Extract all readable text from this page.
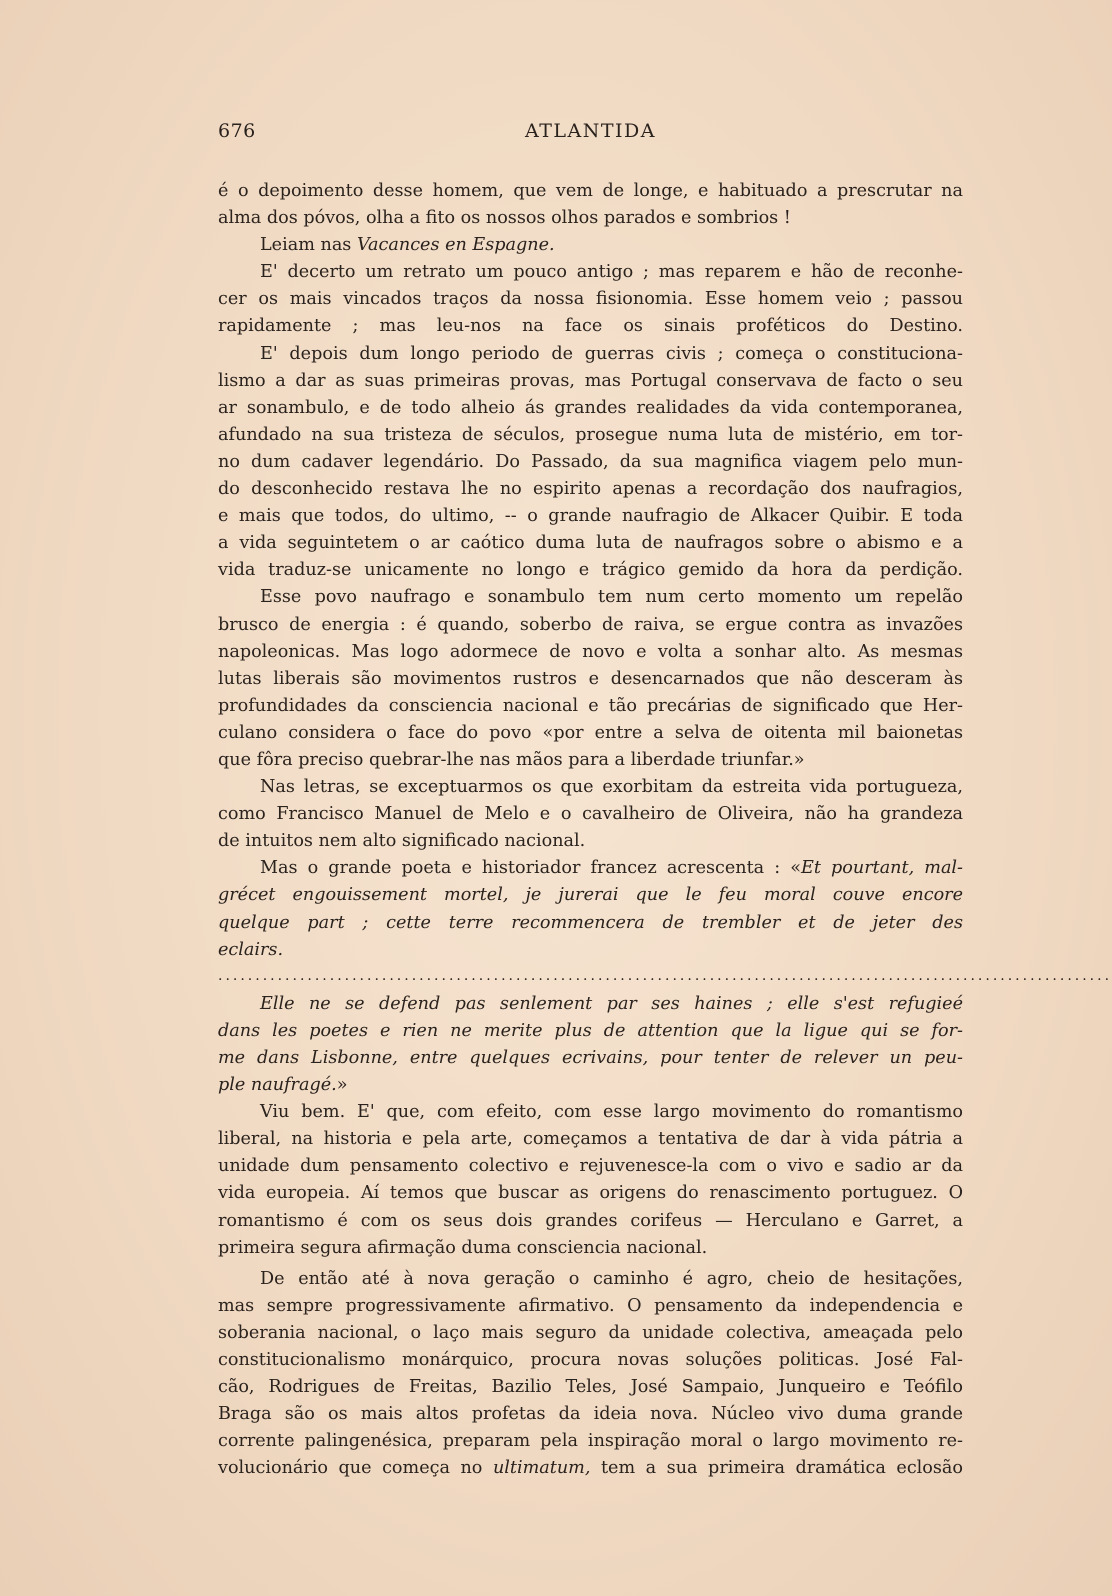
676	ATLANTIDA
é o depoimento desse homem, que vem de longe, e habituado a prescrutar na
alma dos póvos, olha a fito os nossos olhos parados e sombrios !
Leiam nas Vacances en Espagne.
E' decerto um retrato um pouco antigo ; mas reparem e hão de reconhe-
cer os mais vincados traços da nossa fisionomia. Esse homem veio ; passou
rapidamente ; mas leu-nos na face os sinais proféticos do Destino.
E' depois dum longo periodo de guerras civis ; começa o constituciona-
lismo a dar as suas primeiras provas, mas Portugal conservava de facto o seu
ar sonambulo, e de todo alheio ás grandes realidades da vida contemporanea,
afundado na sua tristeza de séculos, prosegue numa luta de mistério, em tor-
no dum cadaver legendário. Do Passado, da sua magnifica viagem pelo mun-
do desconhecido restava lhe no espirito apenas a recordação dos naufragios,
e mais que todos, do ultimo, -- o grande naufragio de Alkacer Quibir. E toda
a vida seguintetem o ar caótico duma luta de naufragos sobre o abismo e a
vida traduz-se unicamente no longo e trágico gemido da hora da perdição.
Esse povo naufrago e sonambulo tem num certo momento um repelão
brusco de energia : é quando, soberbo de raiva, se ergue contra as invazões
napoleonicas. Mas logo adormece de novo e volta a sonhar alto. As mesmas
lutas liberais são movimentos rustros e desencarnados que não desceram às
profundidades da consciencia nacional e tão precárias de significado que Her-
culano considera o face do povo «por entre a selva de oitenta mil baionetas
que fôra preciso quebrar-lhe nas mãos para a liberdade triunfar.»
Nas letras, se exceptuarmos os que exorbitam da estreita vida portugueza,
como Francisco Manuel de Melo e o cavalheiro de Oliveira, não ha grandeza
de intuitos nem alto significado nacional.
Mas o grande poeta e historiador francez acrescenta : «Et pourtant, mal-
grécet engouissement mortel, je jurerai que le feu moral couve encore
quelque part ; cette terre recommencera de trembler et de jeter des
eclairs.
........................................................................................................................
Elle ne se defend pas senlement par ses haines ; elle s'est refugieé
dans les poetes e rien ne merite plus de attention que la ligue qui se for-
me dans Lisbonne, entre quelques ecrivains, pour tenter de relever un peu-
ple naufragé.»
Viu bem. E' que, com efeito, com esse largo movimento do romantismo
liberal, na historia e pela arte, começamos a tentativa de dar à vida pátria a
unidade dum pensamento colectivo e rejuvenesce-la com o vivo e sadio ar da
vida europeia. Aí temos que buscar as origens do renascimento portuguez. O
romantismo é com os seus dois grandes corifeus — Herculano e Garret, a
primeira segura afirmação duma consciencia nacional.
De então até à nova geração o caminho é agro, cheio de hesitações,
mas sempre progressivamente afirmativo. O pensamento da independencia e
soberania nacional, o laço mais seguro da unidade colectiva, ameaçada pelo
constitucionalismo monárquico, procura novas soluções politicas. José Fal-
cão, Rodrigues de Freitas, Bazilio Teles, José Sampaio, Junqueiro e Teófilo
Braga são os mais altos profetas da ideia nova. Núcleo vivo duma grande
corrente palingenésica, preparam pela inspiração moral o largo movimento re-
volucionário que começa no ultimatum, tem a sua primeira dramática eclosão
